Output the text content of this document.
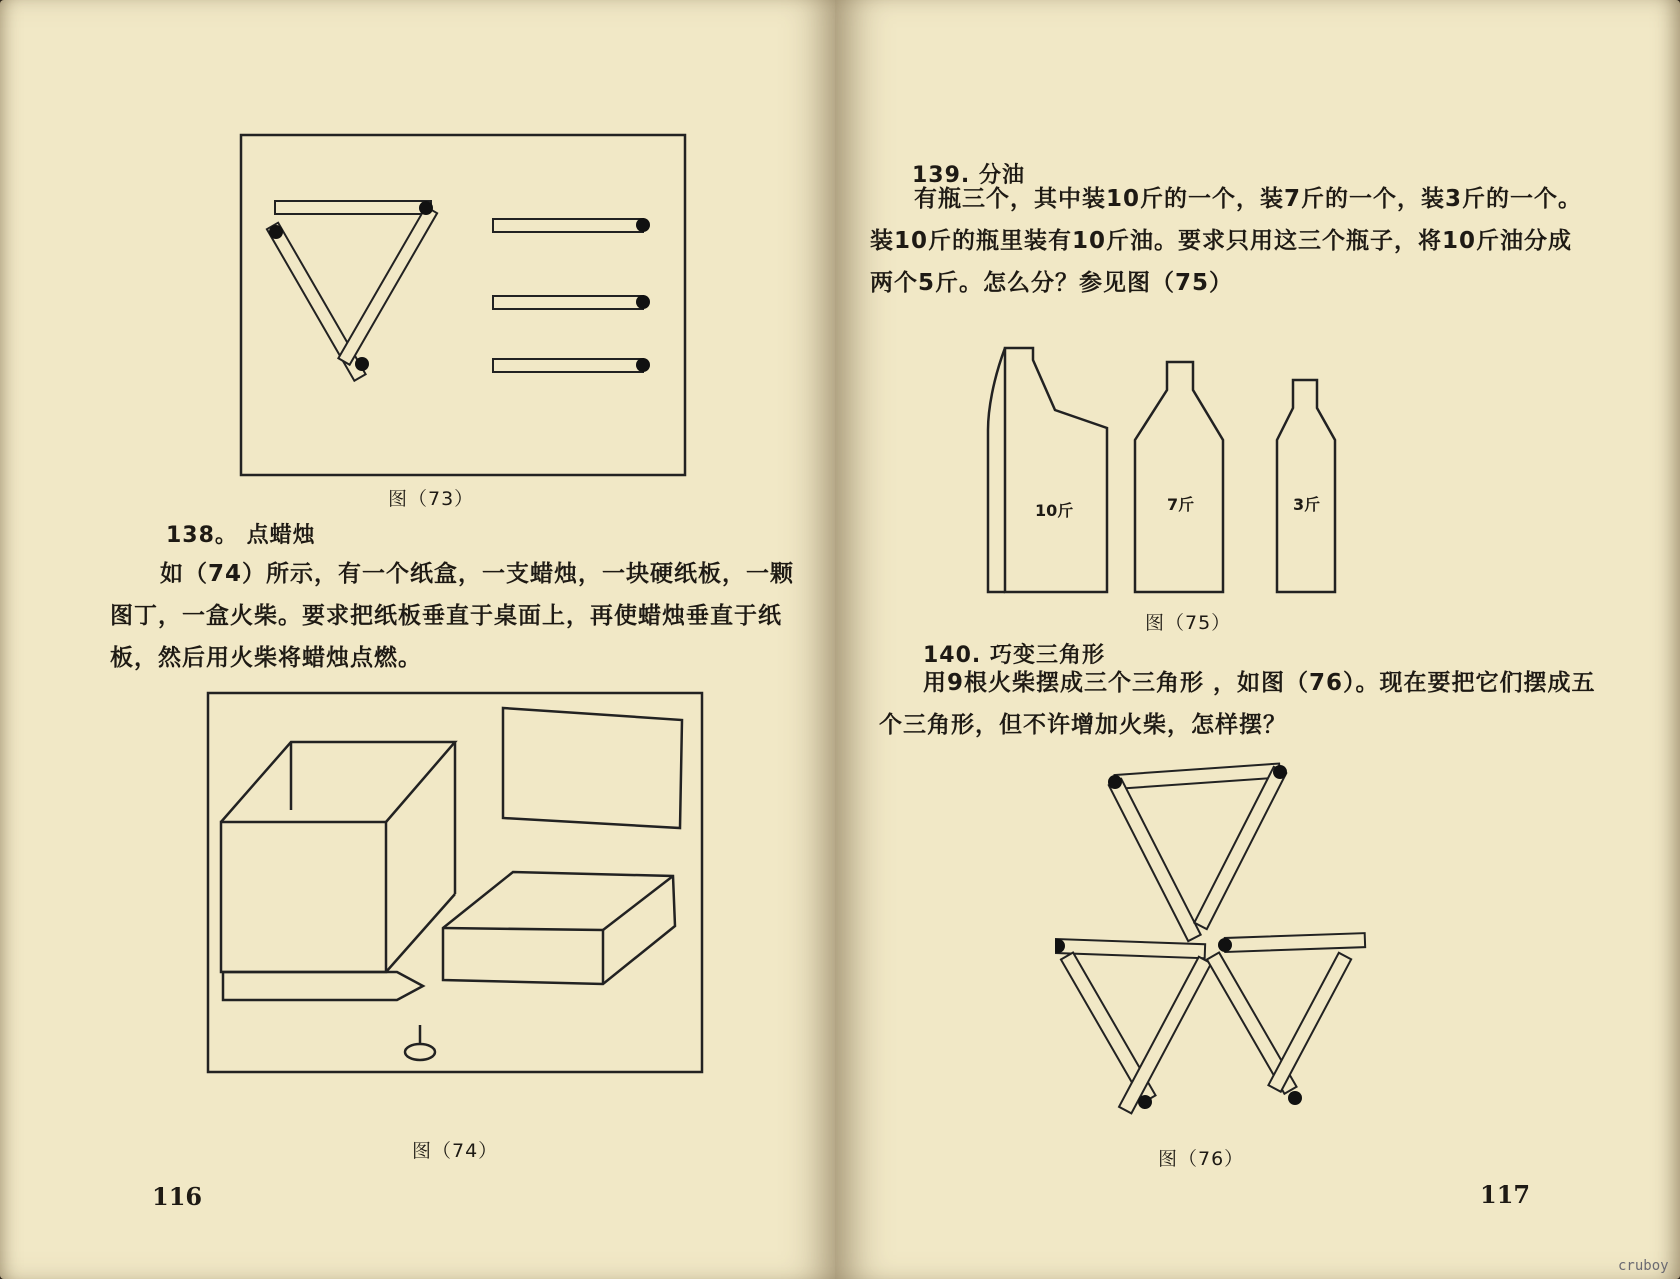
图（73）
138。 点蜡烛
如（74）所示，有一个纸盒，一支蜡烛，一块硬纸板，一颗图丁，一盒火柴。要求把纸板垂直于桌面上，再使蜡烛垂直于纸板，然后用火柴将蜡烛点燃。
图（74）
116
139. 分油
有瓶三个，其中装10斤的一个，装7斤的一个，装3斤的一个。装10斤的瓶里装有10斤油。要求只用这三个瓶子，将10斤油分成两个5斤。怎么分？参见图（75）
10斤	7斤	3斤
图（75）
140. 巧变三角形
用9根火柴摆成三个三角形 ，如图（76）。现在要把它们摆成五个三角形，但不许增加火柴，怎样摆？
图（76）
117
cruboy
